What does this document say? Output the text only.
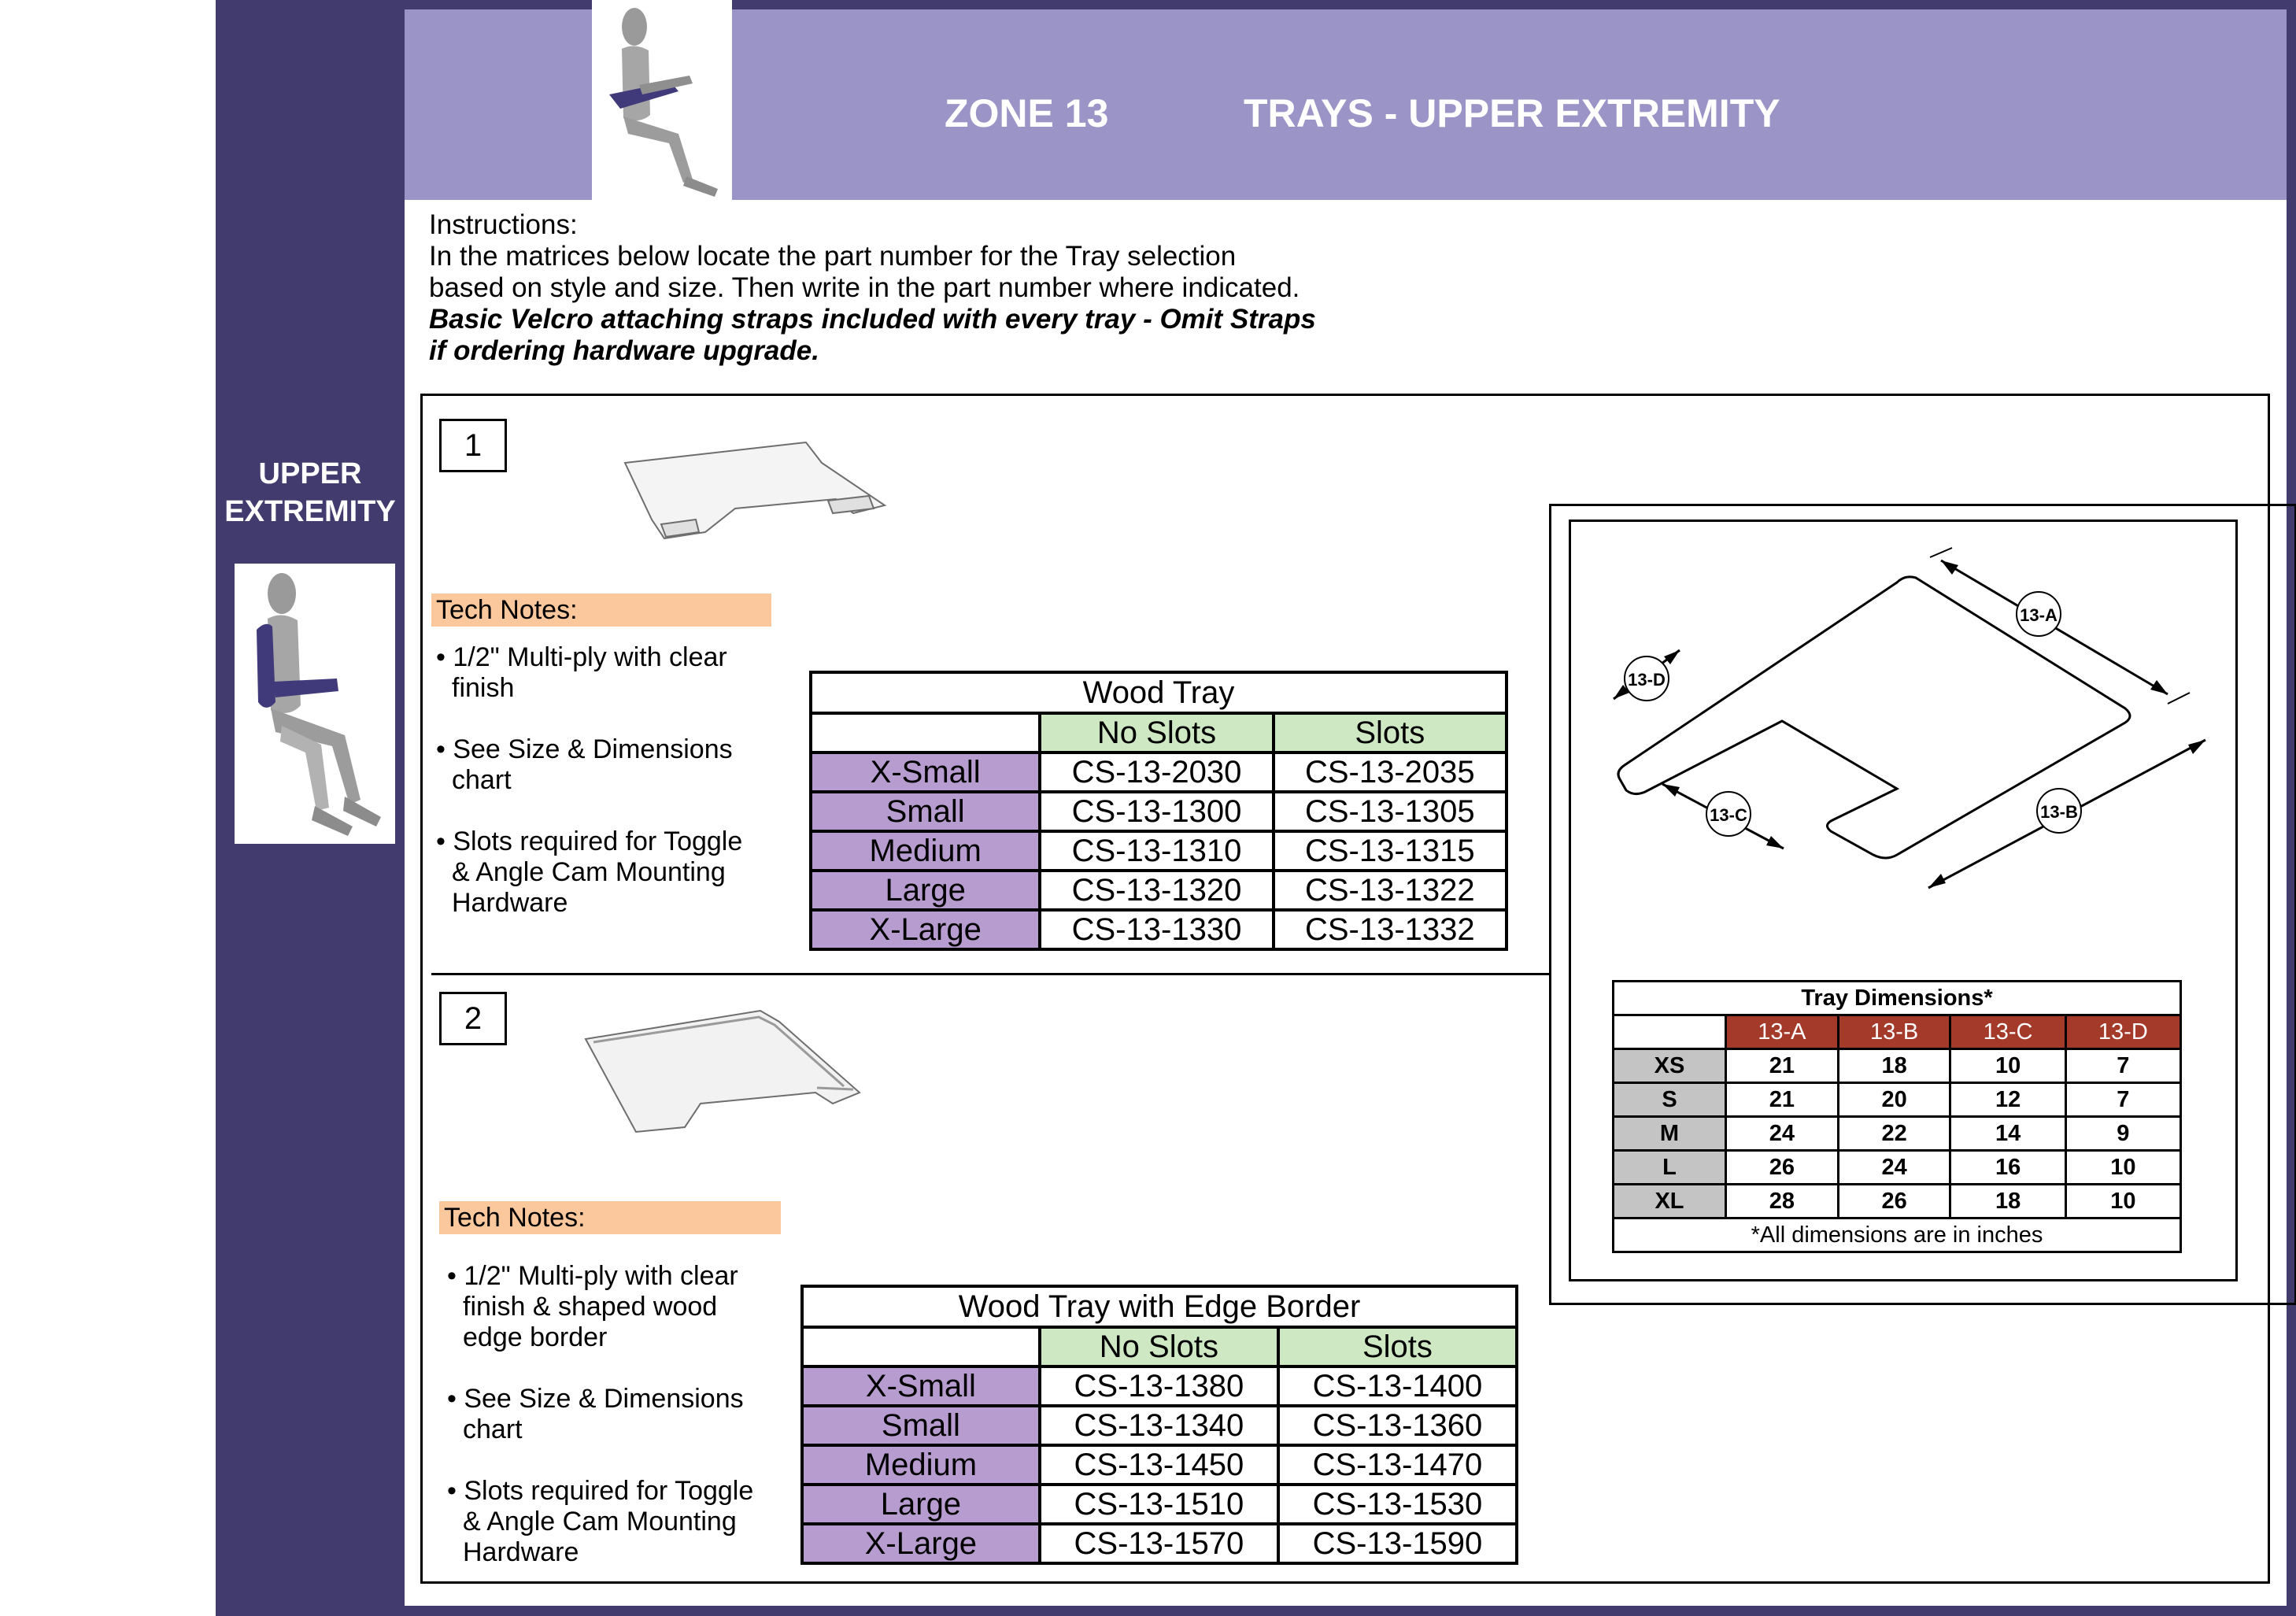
UPPER
EXTREMITY
ZONE 13	TRAYS - UPPER EXTREMITY
Instructions:
In the matrices below locate the part number for the Tray selection
based on style and size. Then write in the part number where indicated.
Basic Velcro attaching straps included with every tray - Omit Straps
if ordering hardware upgrade.
1
Tech Notes:

• 1/2" Multi-ply with clear
finish

• See Size & Dimensions
chart

• Slots required for Toggle
& Angle Cam Mounting
Hardware

Wood Tray		
	No Slots	Slots
X-Small	CS-13-2030	CS-13-2035
Small	CS-13-1300	CS-13-1305
Medium	CS-13-1310	CS-13-1315
Large	CS-13-1320	CS-13-1322
X-Large	CS-13-1330	CS-13-1332
2
Tech Notes:

• 1/2" Multi-ply with clear
finish & shaped wood
edge border

• See Size & Dimensions
chart

• Slots required for Toggle
& Angle Cam Mounting
Hardware

Wood Tray with Edge Border		
	No Slots	Slots
X-Small	CS-13-1380	CS-13-1400
Small	CS-13-1340	CS-13-1360
Medium	CS-13-1450	CS-13-1470
Large	CS-13-1510	CS-13-1530
X-Large	CS-13-1570	CS-13-1590
13-A
13-B
13-C
13-D
Tray Dimensions*				
	13-A	13-B	13-C	13-D
XS	21	18	10	7
S	21	20	12	7
M	24	22	14	9
L	26	24	16	10
XL	28	26	18	10
*All dimensions are in inches				
